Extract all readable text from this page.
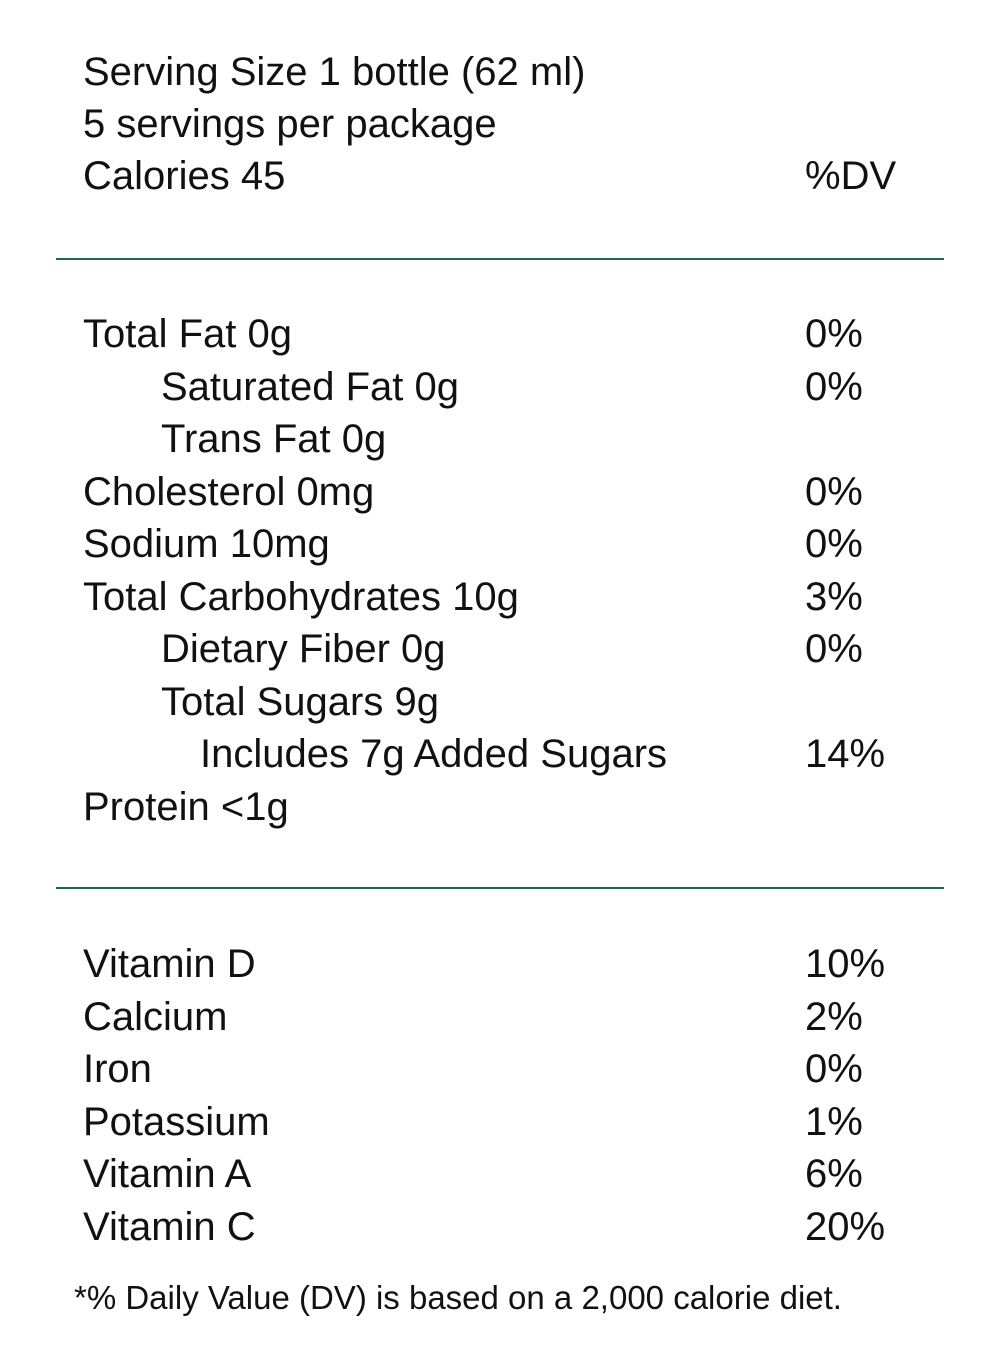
Serving Size 1 bottle (62 ml)
5 servings per package
Calories 45	%DV
Total Fat 0g	0%
Saturated Fat 0g	0%
Trans Fat 0g
Cholesterol 0mg	0%
Sodium 10mg	0%
Total Carbohydrates 10g	3%
Dietary Fiber 0g	0%
Total Sugars 9g
Includes 7g Added Sugars	14%
Protein <1g
Vitamin D	10%
Calcium	2%
Iron	0%
Potassium	1%
Vitamin A	6%
Vitamin C	20%
*% Daily Value (DV) is based on a 2,000 calorie diet.
